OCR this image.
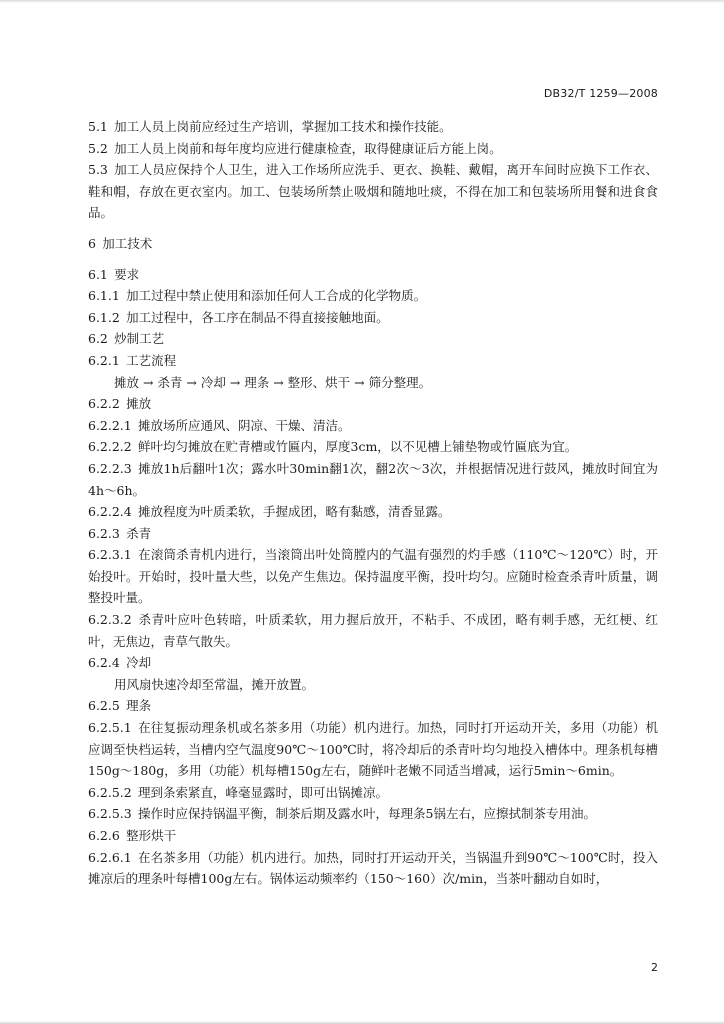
DB32/T 1259—2008
5.1  加工人员上岗前应经过生产培训，掌握加工技术和操作技能。
5.2  加工人员上岗前和每年度均应进行健康检查，取得健康证后方能上岗。
5.3  加工人员应保持个人卫生，进入工作场所应洗手、更衣、换鞋、戴帽，离开车间时应换下工作衣、鞋和帽，存放在更衣室内。加工、包装场所禁止吸烟和随地吐痰，不得在加工和包装场所用餐和进食食品。
6  加工技术
6.1  要求
6.1.1  加工过程中禁止使用和添加任何人工合成的化学物质。
6.1.2  加工过程中，各工序在制品不得直接接触地面。
6.2  炒制工艺
6.2.1  工艺流程
摊放 → 杀青 → 冷却 → 理条 → 整形、烘干 → 筛分整理。
6.2.2  摊放
6.2.2.1  摊放场所应通风、阴凉、干燥、清洁。
6.2.2.2  鲜叶均匀摊放在贮青槽或竹匾内，厚度3cm，以不见槽上铺垫物或竹匾底为宜。
6.2.2.3  摊放1h后翻叶1次；露水叶30min翻1次，翻2次～3次，并根据情况进行鼓风，摊放时间宜为4h～6h。
6.2.2.4  摊放程度为叶质柔软，手握成团，略有黏感，清香显露。
6.2.3  杀青
6.2.3.1  在滚筒杀青机内进行，当滚筒出叶处筒膛内的气温有强烈的灼手感（110℃～120℃）时，开始投叶。开始时，投叶量大些，以免产生焦边。保持温度平衡，投叶均匀。应随时检查杀青叶质量，调整投叶量。
6.2.3.2  杀青叶应叶色转暗，叶质柔软，用力握后放开，不粘手、不成团，略有刺手感，无红梗、红叶，无焦边，青草气散失。
6.2.4  冷却
用风扇快速冷却至常温，摊开放置。
6.2.5  理条
6.2.5.1  在往复振动理条机或名茶多用（功能）机内进行。加热，同时打开运动开关，多用（功能）机应调至快档运转，当槽内空气温度90℃～100℃时，将冷却后的杀青叶均匀地投入槽体中。理条机每槽150g～180g，多用（功能）机每槽150g左右，随鲜叶老嫩不同适当增减，运行5min～6min。
6.2.5.2  理到条索紧直，峰毫显露时，即可出锅摊凉。
6.2.5.3  操作时应保持锅温平衡，制茶后期及露水叶，每理条5锅左右，应擦拭制茶专用油。
6.2.6  整形烘干
6.2.6.1  在名茶多用（功能）机内进行。加热，同时打开运动开关，当锅温升到90℃～100℃时，投入摊凉后的理条叶每槽100g左右。锅体运动频率约（150～160）次/min，当茶叶翻动自如时，
2
